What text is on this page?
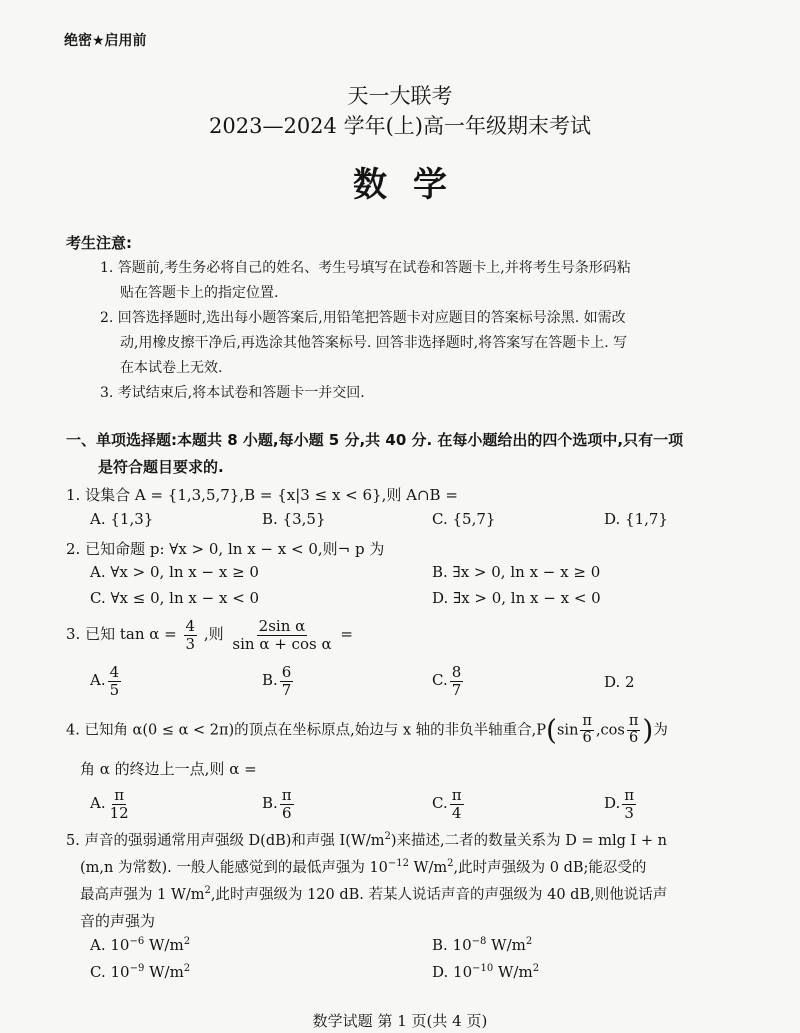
绝密★启用前
天一大联考
2023—2024 学年(上)高一年级期末考试
数学
考生注意:
1. 答题前,考生务必将自己的姓名、考生号填写在试卷和答题卡上,并将考生号条形码粘
贴在答题卡上的指定位置.
2. 回答选择题时,选出每小题答案后,用铅笔把答题卡对应题目的答案标号涂黑. 如需改
动,用橡皮擦干净后,再选涂其他答案标号. 回答非选择题时,将答案写在答题卡上. 写
在本试卷上无效.
3. 考试结束后,将本试卷和答题卡一并交回.
一、单项选择题:本题共 8 小题,每小题 5 分,共 40 分. 在每小题给出的四个选项中,只有一项
是符合题目要求的.
1. 设集合 A = {1,3,5,7},B = {x|3 ≤ x < 6},则 A∩B =
A. {1,3}	B. {3,5}	C. {5,7}	D. {1,7}
2. 已知命题 p: ∀x > 0, ln x − x < 0,则¬ p 为
A. ∀x > 0, ln x − x ≥ 0	B. ∃x > 0, ln x − x ≥ 0
C. ∀x ≤ 0, ln x − x < 0	D. ∃x > 0, ln x − x < 0
3. 已知 $\tan \alpha = \frac{4}{3}$ ,则 $\frac{\text{2sin α}}{\text{sin α + cos α}}$ =
A. $\frac{4}{5}$	B. $\frac{6}{7}$	C. $\frac{8}{7}$	D. 2
4. 已知角 α(0 ≤ α < 2π)的顶点在坐标原点,始边与 x 轴的非负半轴重合$,P(\sin \frac{\pi}{6} ,\cos \frac{\pi}{6}$ )为
角 α 的终边上一点,则 α =
A. $\frac{\pi}{12}$	B. $\frac{\pi}{6}$	C. $\frac{\pi}{4}$	D. $\frac{\pi}{3}$
5. 声音的强弱通常用声强级 D(dB)和声强 $I(W/m^2)$来描述,二者的数量关系为 D = mlg I + n
(m,n 为常数). 一般人能感觉到的最低声强为 $10^{-12}$ $W/m^2$,此时声强级为 0 dB;能忍受的
最高声强为 1 $W/m^2$,此时声强级为 120 dB. 若某人说话声音的声强级为 40 dB,则他说话声
音的声强为
A. $10^{-6}$ $W/m^2$	B. $10^{-8}$ $W/m^2$
C. $10^{-9}$ $W/m^2$	D. $10^{-10}$ $W/m^2$
数学试题 第 1 页(共 4 页)
